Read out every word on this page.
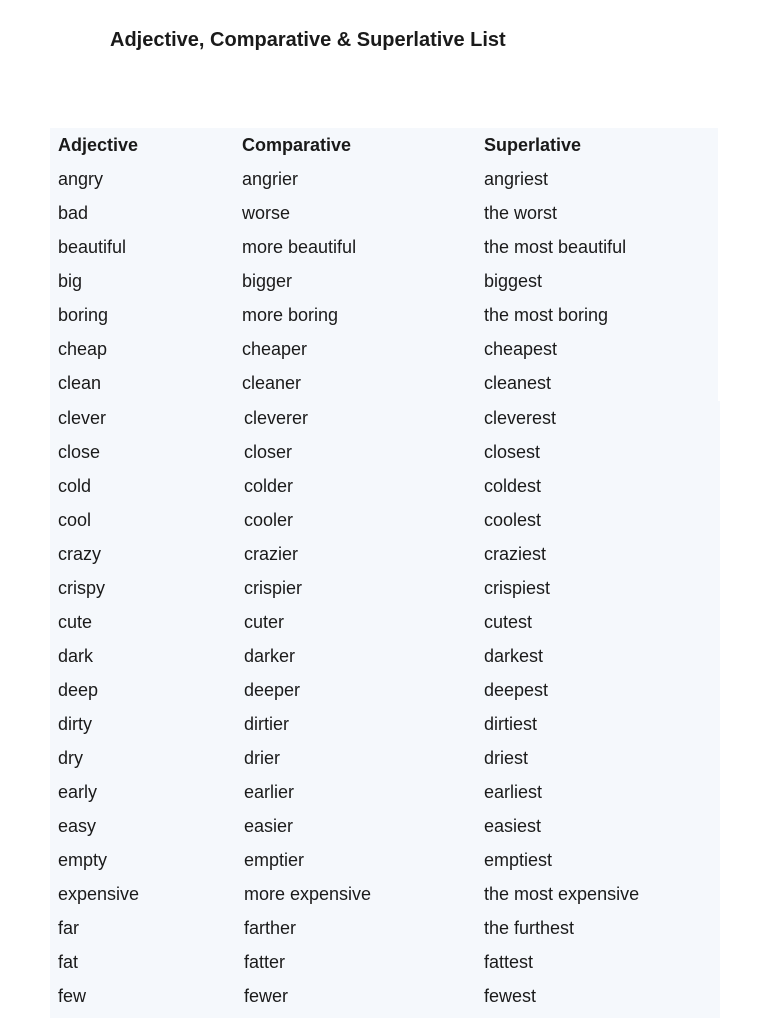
Adjective, Comparative & Superlative List
Adjective	Comparative	Superlative
angry	angrier	angriest
bad	worse	the worst
beautiful	more beautiful	the most beautiful
big	bigger	biggest
boring	more boring	the most boring
cheap	cheaper	cheapest
clean	cleaner	cleanest
clever	cleverer	cleverest
close	closer	closest
cold	colder	coldest
cool	cooler	coolest
crazy	crazier	craziest
crispy	crispier	crispiest
cute	cuter	cutest
dark	darker	darkest
deep	deeper	deepest
dirty	dirtier	dirtiest
dry	drier	driest
early	earlier	earliest
easy	easier	easiest
empty	emptier	emptiest
expensive	more expensive	the most expensive
far	farther	the furthest
fat	fatter	fattest
few	fewer	fewest
